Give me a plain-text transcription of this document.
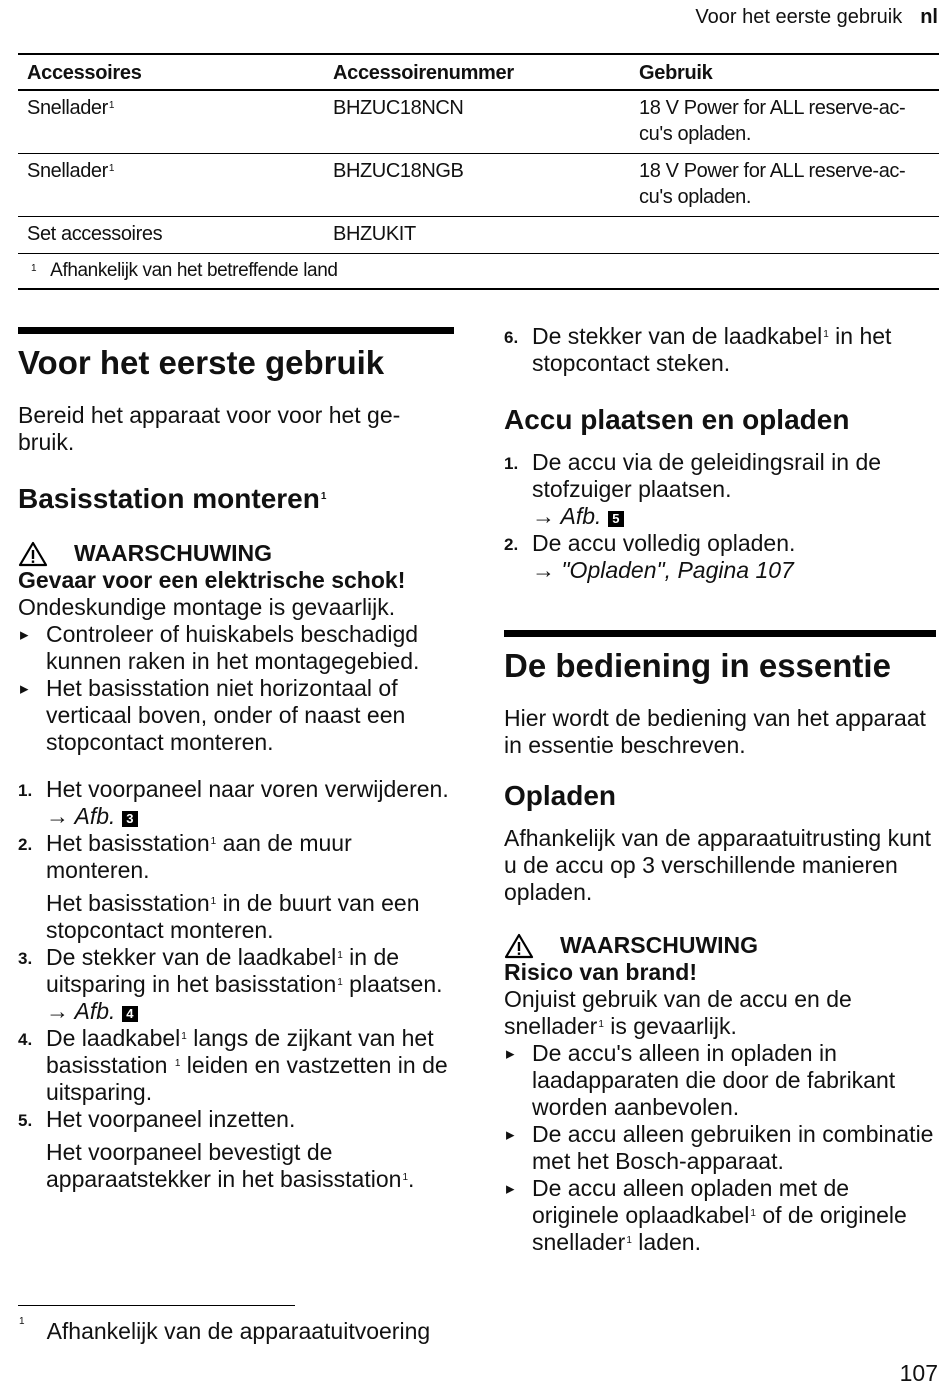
Voor het eerste gebruik nl
Accessoires	Accessoirenummer	Gebruik
Snellader$^1$	BHZUC18NCN	18 V Power for ALL reserve-ac-
cu's opladen.
Snellader$^1$	BHZUC18NGB	18 V Power for ALL reserve-ac-
cu's opladen.
Set accessoires	BHZUKIT	
$^1$ Afhankelijk van het betreffende land		
Voor het eerste gebruik

Bereid het apparaat voor voor het ge-bruik.

Basisstation monteren$^1$
WAARSCHUWING
Gevaar voor een elektrische schok!
Ondeskundige montage is gevaarlijk.
▸ Controleer of huiskabels beschadigd kunnen raken in het montagegebied.
▸ Het basisstation niet horizontaal of verticaal boven, onder of naast een stopcontact monteren.
1. Het voorpaneel naar voren verwijderen.
→ Afb. 3
2. Het basisstation$^1$ aan de muur monteren.
Het basisstation$^1$ in de buurt van een stopcontact monteren.
3. De stekker van de laadkabel$^1$ in de uitsparing in het basisstation$^1$ plaatsen.
→ Afb. 4
4. De laadkabel$^1$ langs de zijkant van het basisstation $^1$ leiden en vastzetten in de uitsparing.
5. Het voorpaneel inzetten.
Het voorpaneel bevestigt de apparaatstekker in het basisstation$^1$.
6. De stekker van de laadkabel$^1$ in het stopcontact steken.
Accu plaatsen en opladen
1. De accu via de geleidingsrail in de stofzuiger plaatsen.
→ Afb. 5
2. De accu volledig opladen.
→ "Opladen", Pagina 107
De bediening in essentie

Hier wordt de bediening van het apparaat in essentie beschreven.

Opladen

Afhankelijk van de apparaatuitrusting kunt u de accu op 3 verschillende manieren opladen.

WAARSCHUWING
Risico van brand!
Onjuist gebruik van de accu en de snellader$^1$ is gevaarlijk.
▸ De accu's alleen in opladen in laadapparaten die door de fabrikant worden aanbevolen.
▸ De accu alleen gebruiken in combinatie met het Bosch-apparaat.
▸ De accu alleen opladen met de originele oplaadkabel$^1$ of de originele snellader$^1$ laden.
$^1$ Afhankelijk van de apparaatuitvoering
107
